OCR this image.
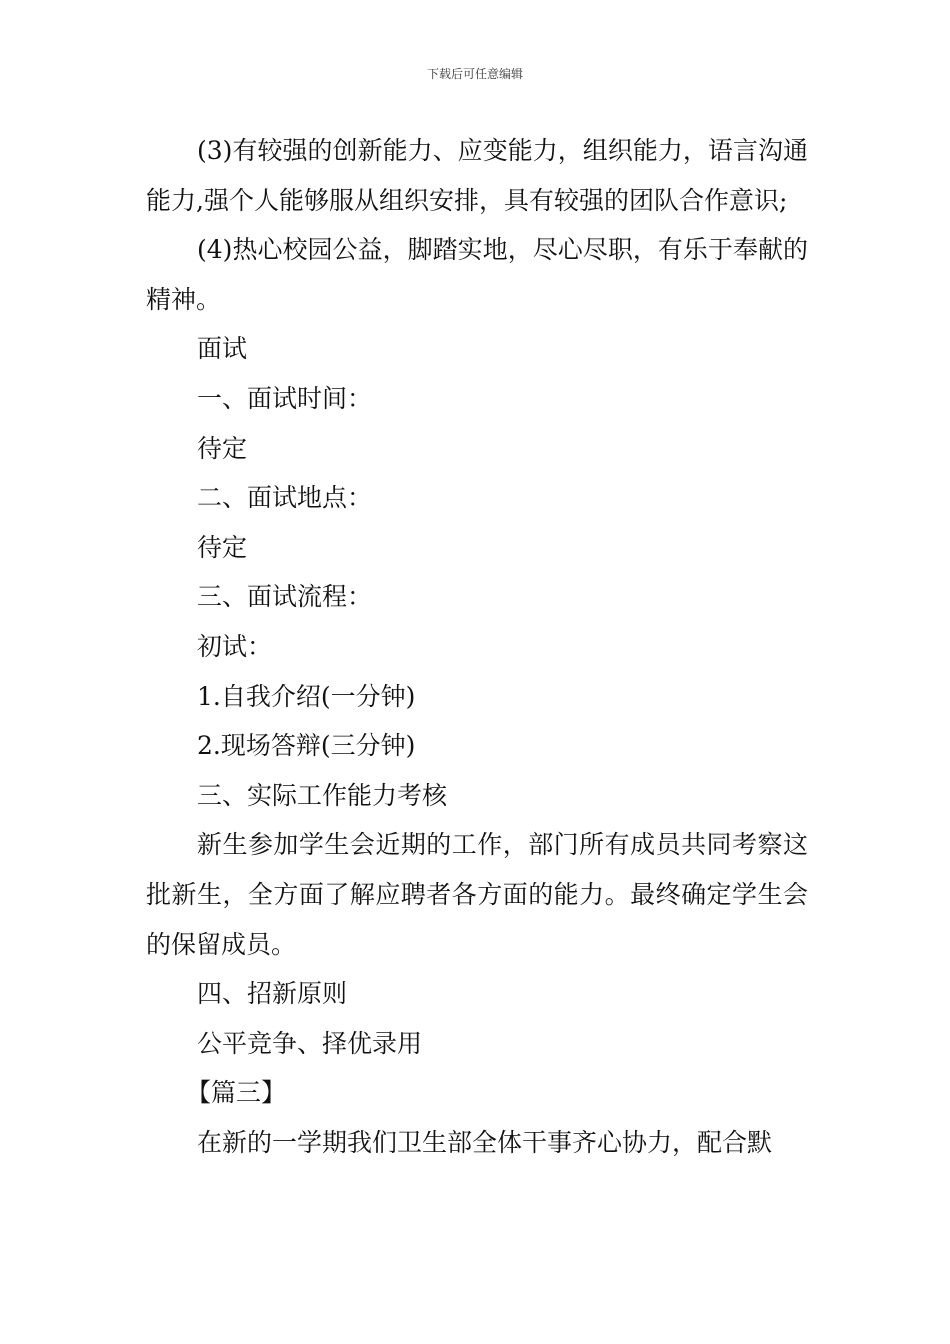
下载后可任意编辑

(3)有较强的创新能力、应变能力，组织能力，语言沟通能力,强个人能够服从组织安排，具有较强的团队合作意识;

(4)热心校园公益，脚踏实地，尽心尽职，有乐于奉献的精神。

面试

一、面试时间：

待定

二、面试地点：

待定

三、面试流程：

初试：

1.自我介绍(一分钟)

2.现场答辩(三分钟)

三、实际工作能力考核

新生参加学生会近期的工作，部门所有成员共同考察这批新生，全方面了解应聘者各方面的能力。最终确定学生会的保留成员。

四、招新原则

公平竞争、择优录用

【篇三】

在新的一学期我们卫生部全体干事齐心协力，配合默
